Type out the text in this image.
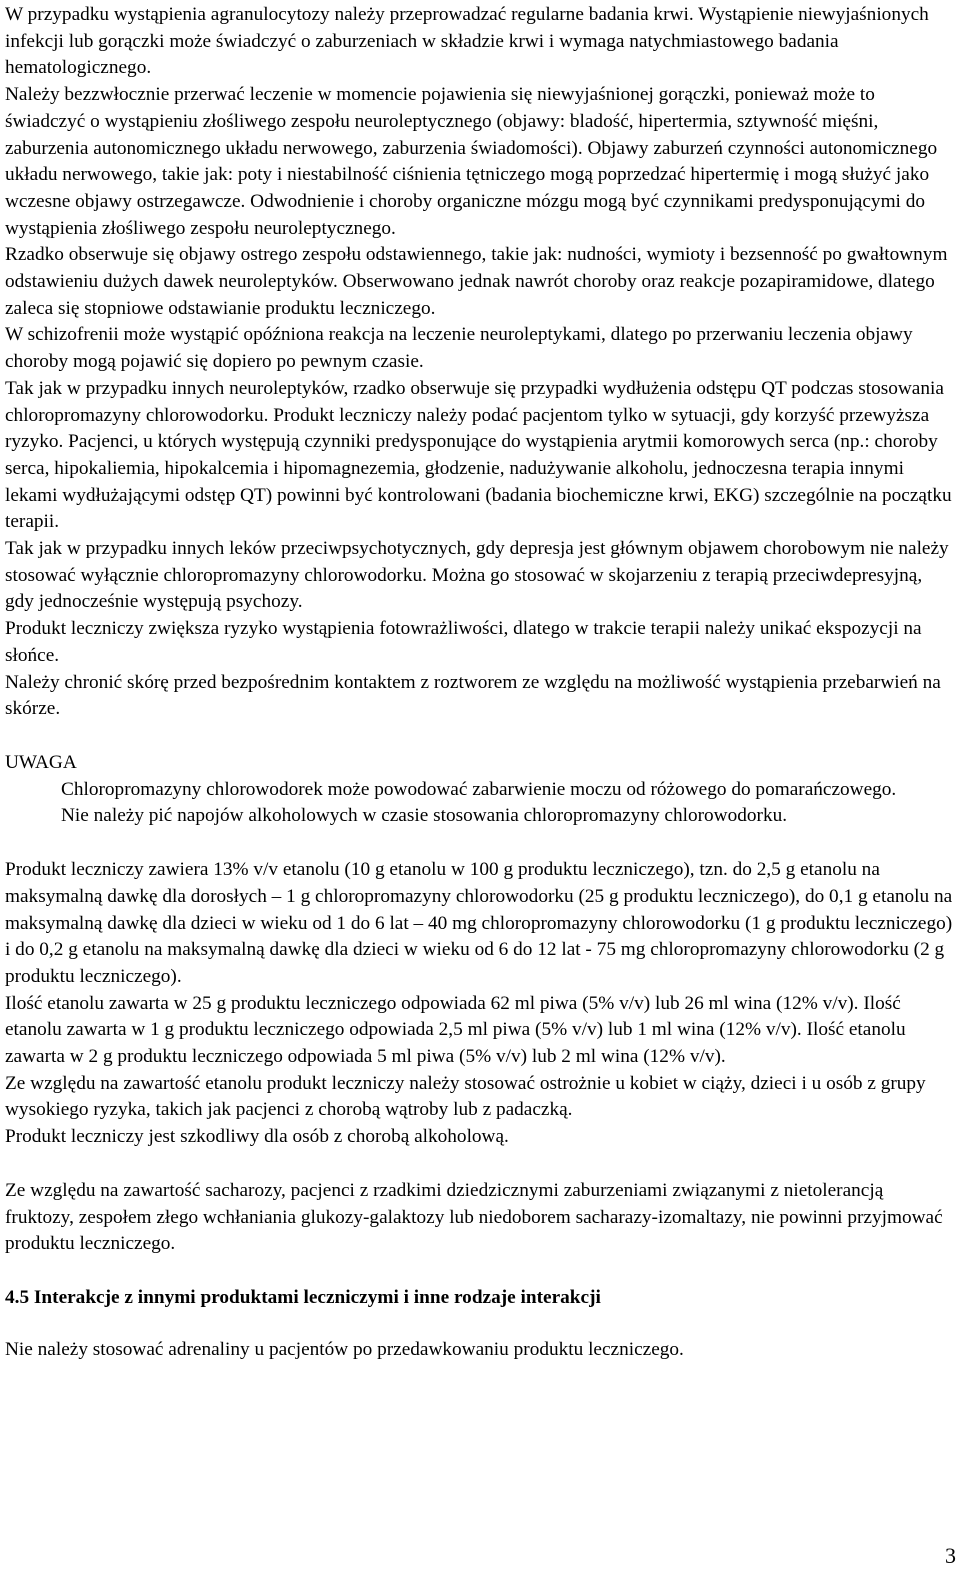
W przypadku wystąpienia agranulocytozy należy przeprowadzać regularne badania krwi. Wystąpienie niewyjaśnionych infekcji lub gorączki może świadczyć o zaburzeniach w składzie krwi i wymaga natychmiastowego badania hematologicznego.

Należy bezzwłocznie przerwać leczenie w momencie pojawienia się niewyjaśnionej gorączki, ponieważ może to świadczyć o wystąpieniu złośliwego zespołu neuroleptycznego (objawy: bladość, hipertermia, sztywność mięśni, zaburzenia autonomicznego układu nerwowego, zaburzenia świadomości). Objawy zaburzeń czynności autonomicznego układu nerwowego, takie jak: poty i niestabilność ciśnienia tętniczego mogą poprzedzać hipertermię i mogą służyć jako wczesne objawy ostrzegawcze. Odwodnienie i choroby organiczne mózgu mogą być czynnikami predysponującymi do wystąpienia złośliwego zespołu neuroleptycznego.

Rzadko obserwuje się objawy ostrego zespołu odstawiennego, takie jak: nudności, wymioty i bezsenność po gwałtownym odstawieniu dużych dawek neuroleptyków. Obserwowano jednak nawrót choroby oraz reakcje pozapiramidowe, dlatego zaleca się stopniowe odstawianie produktu leczniczego.

W schizofrenii może wystąpić opóźniona reakcja na leczenie neuroleptykami, dlatego po przerwaniu leczenia objawy choroby mogą pojawić się dopiero po pewnym czasie.

Tak jak w przypadku innych neuroleptyków, rzadko obserwuje się przypadki wydłużenia odstępu QT podczas stosowania chloropromazyny chlorowodorku. Produkt leczniczy należy podać pacjentom tylko w sytuacji, gdy korzyść przewyższa ryzyko. Pacjenci, u których występują czynniki predysponujące do wystąpienia arytmii komorowych serca (np.: choroby serca, hipokaliemia, hipokalcemia i hipomagnezemia, głodzenie, nadużywanie alkoholu, jednoczesna terapia innymi lekami wydłużającymi odstęp QT) powinni być kontrolowani (badania biochemiczne krwi, EKG) szczególnie na początku terapii.

Tak jak w przypadku innych leków przeciwpsychotycznych, gdy depresja jest głównym objawem chorobowym nie należy stosować wyłącznie chloropromazyny chlorowodorku. Można go stosować w skojarzeniu z terapią przeciwdepresyjną, gdy jednocześnie występują psychozy.

Produkt leczniczy zwiększa ryzyko wystąpienia fotowrażliwości, dlatego w trakcie terapii należy unikać ekspozycji na słońce.

Należy chronić skórę przed bezpośrednim kontaktem z roztworem ze względu na możliwość wystąpienia przebarwień na skórze.

UWAGA

Chloropromazyny chlorowodorek może powodować zabarwienie moczu od różowego do pomarańczowego.

Nie należy pić napojów alkoholowych w czasie stosowania chloropromazyny chlorowodorku.

Produkt leczniczy zawiera 13% v/v etanolu (10 g etanolu w 100 g produktu leczniczego), tzn. do 2,5 g etanolu na maksymalną dawkę dla dorosłych – 1 g chloropromazyny chlorowodorku (25 g produktu leczniczego), do 0,1 g etanolu na maksymalną dawkę dla dzieci w wieku od 1 do 6 lat – 40 mg chloropromazyny chlorowodorku (1 g produktu leczniczego) i do 0,2 g etanolu na maksymalną dawkę dla dzieci w wieku od 6 do 12 lat - 75 mg chloropromazyny chlorowodorku (2 g produktu leczniczego).

Ilość etanolu zawarta w 25 g produktu leczniczego odpowiada 62 ml piwa (5% v/v) lub 26 ml wina (12% v/v). Ilość etanolu zawarta w 1 g produktu leczniczego odpowiada 2,5 ml piwa (5% v/v) lub 1 ml wina (12% v/v). Ilość etanolu zawarta w 2 g produktu leczniczego odpowiada 5 ml piwa (5% v/v) lub 2 ml wina (12% v/v).

Ze względu na zawartość etanolu produkt leczniczy należy stosować ostrożnie u kobiet w ciąży, dzieci i u osób z grupy wysokiego ryzyka, takich jak pacjenci z chorobą wątroby lub z padaczką.

Produkt leczniczy jest szkodliwy dla osób z chorobą alkoholową.

Ze względu na zawartość sacharozy, pacjenci z rzadkimi dziedzicznymi zaburzeniami związanymi z nietolerancją fruktozy, zespołem złego wchłaniania glukozy-galaktozy lub niedoborem sacharazy-izomaltazy, nie powinni przyjmować produktu leczniczego.

4.5 Interakcje z innymi produktami leczniczymi i inne rodzaje interakcji

Nie należy stosować adrenaliny u pacjentów po przedawkowaniu produktu leczniczego.

3
